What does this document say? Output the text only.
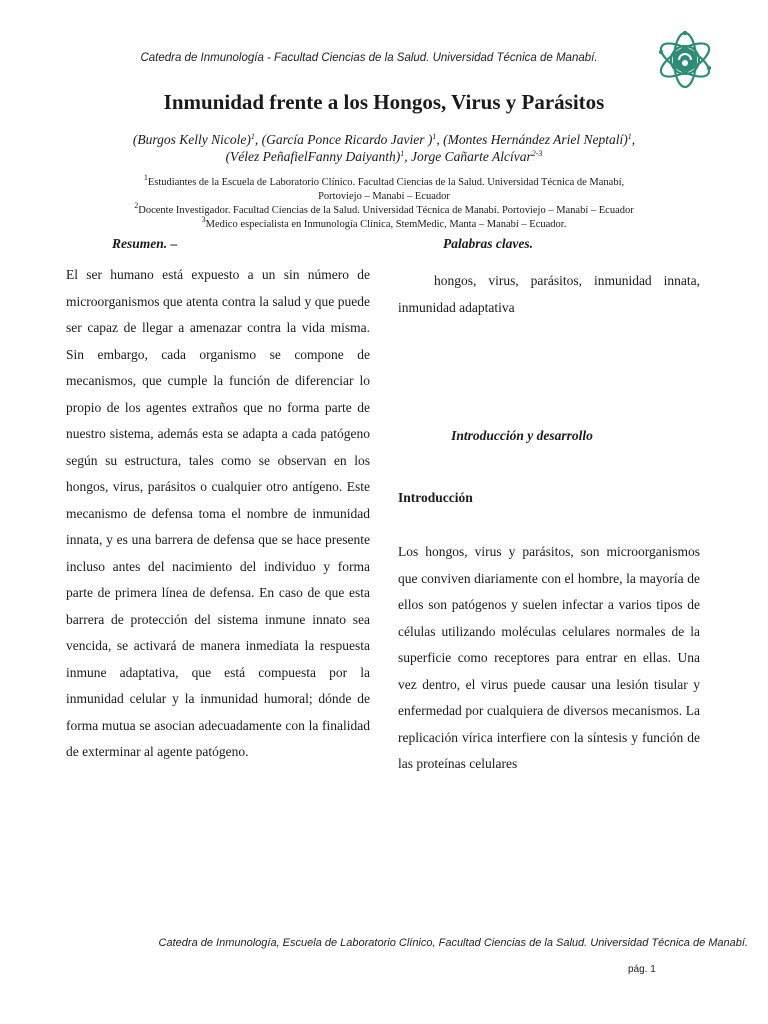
Catedra de Inmunología - Facultad Ciencias de la Salud. Universidad Técnica de Manabí.
Inmunidad frente a los Hongos, Virus y Parásitos

(Burgos Kelly Nicole)$^1$, (García Ponce Ricardo Javier )$^1$, (Montes Hernández Ariel Neptalí)$^1$,

(Vélez PeñafielFanny Daiyanth)$^1$, Jorge Cañarte Alcívar$^{2-3}$

$^1$Estudiantes de la Escuela de Laboratorio Clínico. Facultad Ciencias de la Salud. Universidad Técnica de Manabí,

Portoviejo – Manabí – Ecuador

$^2$Docente Investigador. Facultad Ciencias de la Salud. Universidad Técnica de Manabí. Portoviejo – Manabí – Ecuador

$^3$Medico especialista en Inmunología Clínica, StemMedic, Manta – Manabí – Ecuador.

Resumen. –	Palabras claves.
El ser humano está expuesto a un sin número de microorganismos que atenta contra la salud y que puede ser capaz de llegar a amenazar contra la vida misma. Sin embargo, cada organismo se compone de mecanismos, que cumple la función de diferenciar lo propio de los agentes extraños que no forma parte de nuestro sistema, además esta se adapta a cada patógeno según su estructura, tales como se observan en los hongos, virus, parásitos o cualquier otro antígeno. Este mecanismo de defensa toma el nombre de inmunidad innata, y es una barrera de defensa que se hace presente incluso antes del nacimiento del individuo y forma parte de primera línea de defensa. En caso de que esta barrera de protección del sistema inmune innato sea vencida, se activará de manera inmediata la respuesta inmune adaptativa, que está compuesta por la inmunidad celular y la inmunidad humoral; dónde de forma mutua se asocian adecuadamente con la finalidad de exterminar al agente patógeno.
hongos, virus, parásitos, inmunidad innata, inmunidad adaptativa
Introducción y desarrollo
Introducción
Los hongos, virus y parásitos, son microorganismos que conviven diariamente con el hombre, la mayoría de ellos son patógenos y suelen infectar a varios tipos de células utilizando moléculas celulares normales de la superficie como receptores para entrar en ellas. Una vez dentro, el virus puede causar una lesión tisular y enfermedad por cualquiera de diversos mecanismos. La replicación vírica interfiere con la síntesis y función de las proteínas celulares
Catedra de Inmunología, Escuela de Laboratorio Clínico, Facultad Ciencias de la Salud. Universidad Técnica de Manabí.
pág. 1
